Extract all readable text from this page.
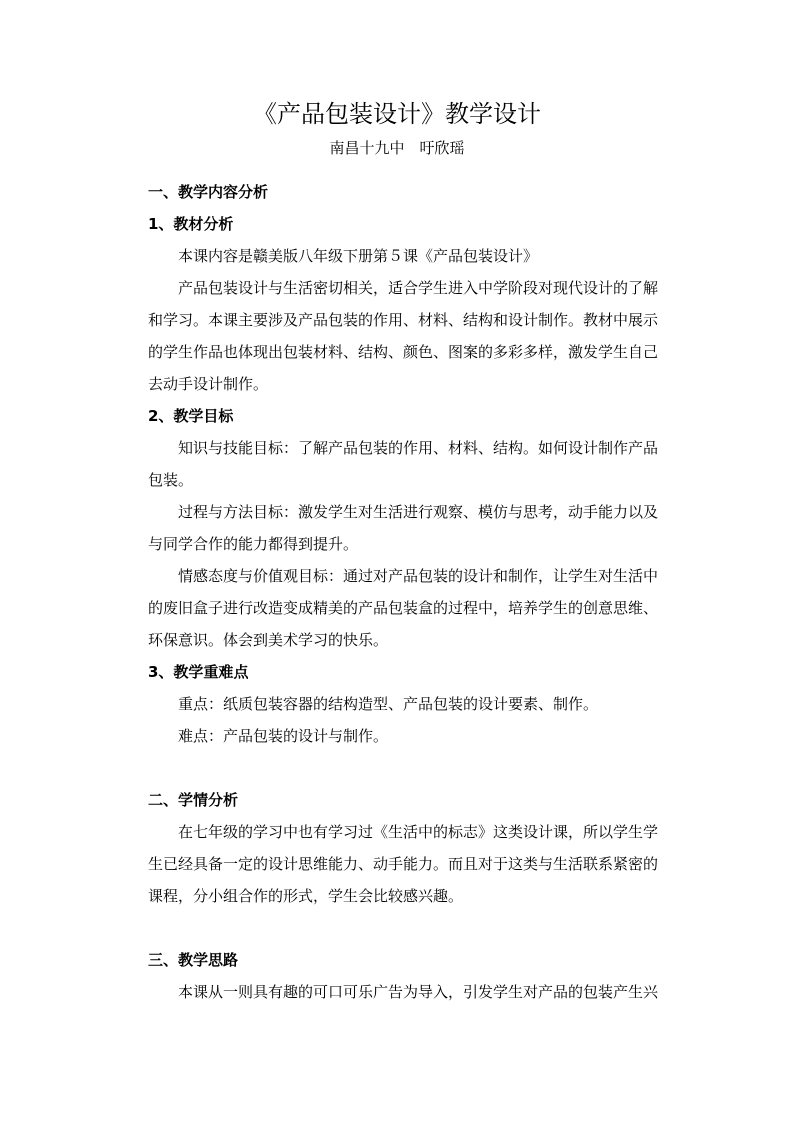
《产品包装设计》教学设计
南昌十九中　吁欣瑶
一、教学内容分析
1、教材分析
本课内容是赣美版八年级下册第５课《产品包装设计》
产品包装设计与生活密切相关，适合学生进入中学阶段对现代设计的了解和学习。本课主要涉及产品包装的作用、材料、结构和设计制作。教材中展示的学生作品也体现出包装材料、结构、颜色、图案的多彩多样，激发学生自己去动手设计制作。
2、教学目标
知识与技能目标：了解产品包装的作用、材料、结构。如何设计制作产品包装。
过程与方法目标：激发学生对生活进行观察、模仿与思考，动手能力以及与同学合作的能力都得到提升。
情感态度与价值观目标：通过对产品包装的设计和制作，让学生对生活中的废旧盒子进行改造变成精美的产品包装盒的过程中，培养学生的创意思维、环保意识。体会到美术学习的快乐。
3、教学重难点
重点：纸质包装容器的结构造型、产品包装的设计要素、制作。
难点：产品包装的设计与制作。
二、学情分析
在七年级的学习中也有学习过《生活中的标志》这类设计课，所以学生学生已经具备一定的设计思维能力、动手能力。而且对于这类与生活联系紧密的课程，分小组合作的形式，学生会比较感兴趣。
三、教学思路
本课从一则具有趣的可口可乐广告为导入，引发学生对产品的包装产生兴
